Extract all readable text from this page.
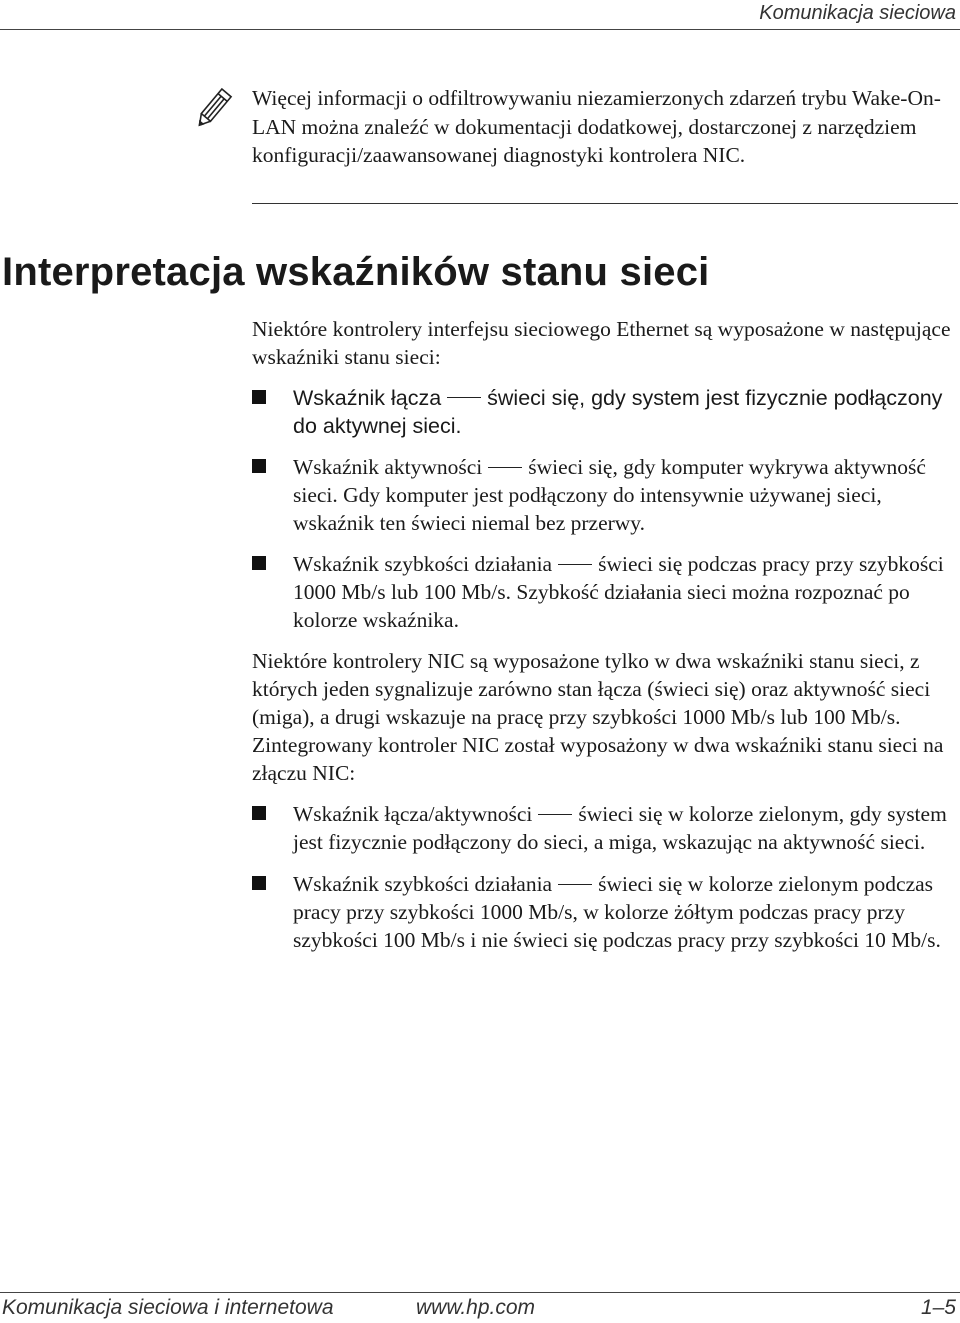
Komunikacja sieciowa
Więcej informacji o odfiltrowywaniu niezamierzonych zdarzeń trybu Wake-On-LAN można znaleźć w dokumentacji dodatkowej, dostarczonej z narzędziem konfiguracji/zaawansowanej diagnostyki kontrolera NIC.
Interpretacja wskaźników stanu sieci
Niektóre kontrolery interfejsu sieciowego Ethernet są wyposażone w następujące wskaźniki stanu sieci:
Wskaźnik łącza świeci się, gdy system jest fizycznie podłączony do aktywnej sieci.
Wskaźnik aktywności świeci się, gdy komputer wykrywa aktywność sieci. Gdy komputer jest podłączony do intensywnie używanej sieci, wskaźnik ten świeci niemal bez przerwy.
Wskaźnik szybkości działania świeci się podczas pracy przy szybkości 1000 Mb/s lub 100 Mb/s. Szybkość działania sieci można rozpoznać po kolorze wskaźnika.
Niektóre kontrolery NIC są wyposażone tylko w dwa wskaźniki stanu sieci, z których jeden sygnalizuje zarówno stan łącza (świeci się) oraz aktywność sieci (miga), a drugi wskazuje na pracę przy szybkości 1000 Mb/s lub 100 Mb/s. Zintegrowany kontroler NIC został wyposażony w dwa wskaźniki stanu sieci na złączu NIC:
Wskaźnik łącza/aktywności świeci się w kolorze zielonym, gdy system jest fizycznie podłączony do sieci, a miga, wskazując na aktywność sieci.
Wskaźnik szybkości działania świeci się w kolorze zielonym podczas pracy przy szybkości 1000 Mb/s, w kolorze żółtym podczas pracy przy szybkości 100 Mb/s i nie świeci się podczas pracy przy szybkości 10 Mb/s.
Komunikacja sieciowa i internetowa	www.hp.com	1–5
